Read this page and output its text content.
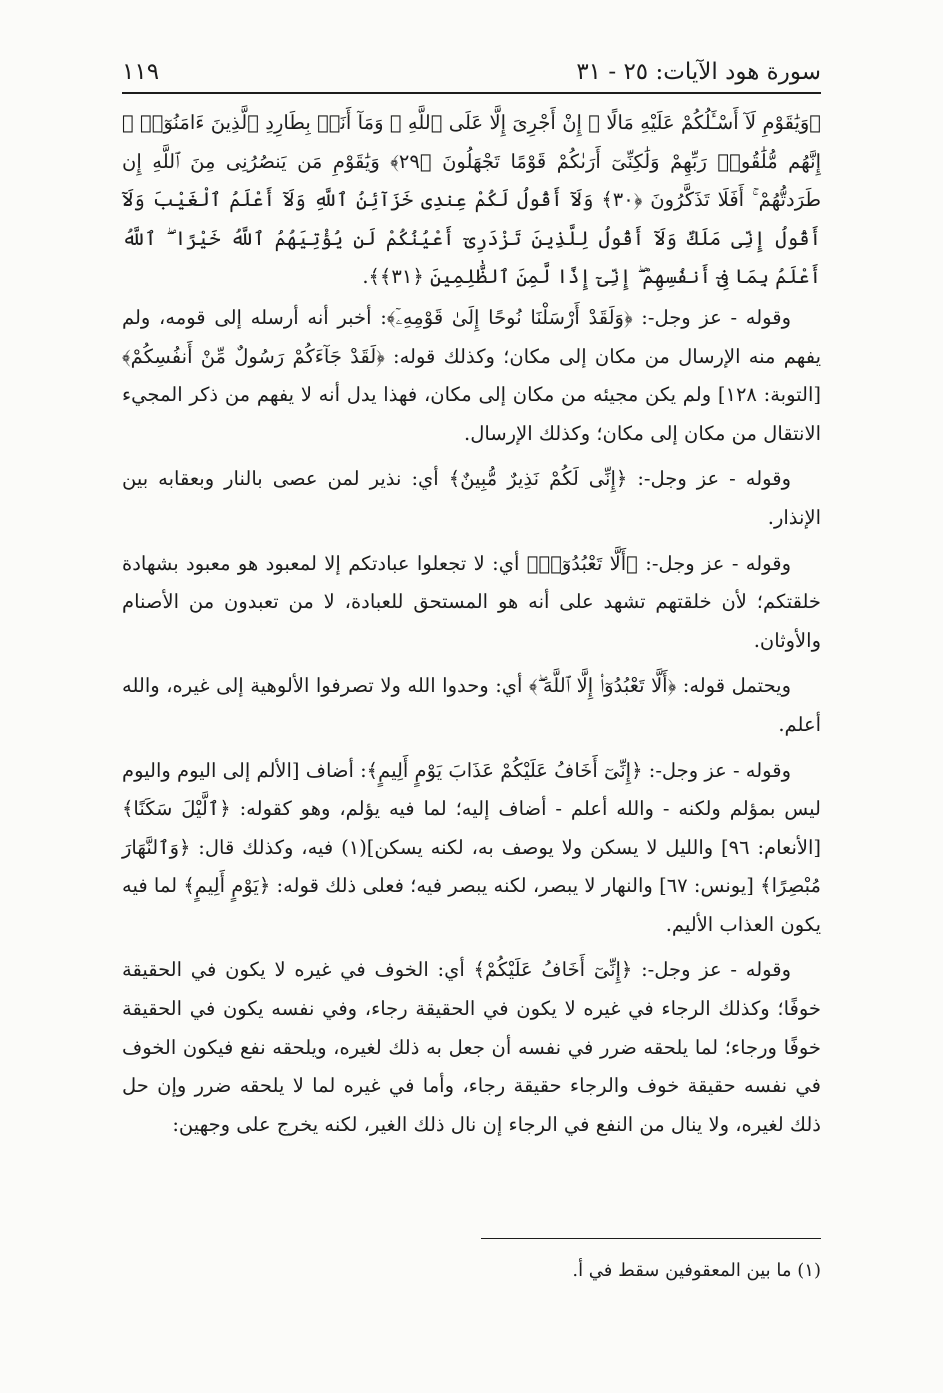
١١٩	سورة هود الآيات: ٢٥ - ٣١

﴿وَيَٰقَوْمِ لَآ أَسْـَٔلُكُمْ عَلَيْهِ مَالًا ۖ إِنْ أَجْرِىَ إِلَّا عَلَى ٱللَّهِ ۚ وَمَآ أَنَا۠ بِطَارِدِ ٱلَّذِينَ ءَامَنُوٓا۟ ۚ إِنَّهُم مُّلَٰقُوا۟ رَبِّهِمْ وَلَٰكِنِّىٓ أَرَىٰكُمْ قَوْمًا تَجْهَلُونَ ﴿٢٩﴾ وَيَٰقَوْمِ مَن يَنصُرُنِى مِنَ ٱللَّهِ إِن طَرَدتُّهُمْ ۚ أَفَلَا تَذَكَّرُونَ ﴿٣٠﴾ وَلَآ أَقُولُ لَكُمْ عِندِى خَزَآئِنُ ٱللَّهِ وَلَآ أَعْلَمُ ٱلْغَيْبَ وَلَآ أَقُولُ إِنِّى مَلَكٌ وَلَآ أَقُولُ لِلَّذِينَ تَزْدَرِىٓ أَعْيُنُكُمْ لَن يُؤْتِيَهُمُ ٱللَّهُ خَيْرًا ۖ ٱللَّهُ أَعْلَمُ بِمَا فِىٓ أَنفُسِهِمْ ۖ إِنِّىٓ إِذًا لَّمِنَ ٱلظَّٰلِمِينَ ﴿٣١﴾﴾.

وقوله - عز وجل-: ﴿وَلَقَدْ أَرْسَلْنَا نُوحًا إِلَىٰ قَوْمِهِۦٓ﴾: أخبر أنه أرسله إلى قومه، ولم يفهم منه الإرسال من مكان إلى مكان؛ وكذلك قوله: ﴿لَقَدْ جَآءَكُمْ رَسُولٌ مِّنْ أَنفُسِكُمْ﴾ [التوبة: ١٢٨] ولم يكن مجيئه من مكان إلى مكان، فهذا يدل أنه لا يفهم من ذكر المجيء الانتقال من مكان إلى مكان؛ وكذلك الإرسال.

وقوله - عز وجل-: ﴿إِنِّى لَكُمْ نَذِيرٌ مُّبِينٌ﴾ أي: نذير لمن عصى بالنار وبعقابه بين الإنذار.

وقوله - عز وجل-: ﴿أَلَّا تَعْبُدُوٓا۟﴾ أي: لا تجعلوا عبادتكم إلا لمعبود هو معبود بشهادة خلقتكم؛ لأن خلقتهم تشهد على أنه هو المستحق للعبادة، لا من تعبدون من الأصنام والأوثان.

ويحتمل قوله: ﴿أَلَّا تَعْبُدُوٓا۟ إِلَّا ٱللَّهَ ۖ﴾ أي: وحدوا الله ولا تصرفوا الألوهية إلى غيره، والله أعلم.

وقوله - عز وجل-: ﴿إِنِّىٓ أَخَافُ عَلَيْكُمْ عَذَابَ يَوْمٍ أَلِيمٍ﴾: أضاف [الألم إلى اليوم واليوم ليس بمؤلم ولكنه - والله أعلم - أضاف إليه؛ لما فيه يؤلم، وهو كقوله: ﴿ٱلَّيْلَ سَكَنًا﴾ [الأنعام: ٩٦] والليل لا يسكن ولا يوصف به، لكنه يسكن](١) فيه، وكذلك قال: ﴿وَٱلنَّهَارَ مُبْصِرًا﴾ [يونس: ٦٧] والنهار لا يبصر، لكنه يبصر فيه؛ فعلى ذلك قوله: ﴿يَوْمٍ أَلِيمٍ﴾ لما فيه يكون العذاب الأليم.

وقوله - عز وجل-: ﴿إِنِّىٓ أَخَافُ عَلَيْكُمْ﴾ أي: الخوف في غيره لا يكون في الحقيقة خوفًا؛ وكذلك الرجاء في غيره لا يكون في الحقيقة رجاء، وفي نفسه يكون في الحقيقة خوفًا ورجاء؛ لما يلحقه ضرر في نفسه أن جعل به ذلك لغيره، ويلحقه نفع فيكون الخوف في نفسه حقيقة خوف والرجاء حقيقة رجاء، وأما في غيره لما لا يلحقه ضرر وإن حل ذلك لغيره، ولا ينال من النفع في الرجاء إن نال ذلك الغير، لكنه يخرج على وجهين:

(١) ما بين المعقوفين سقط في أ.
